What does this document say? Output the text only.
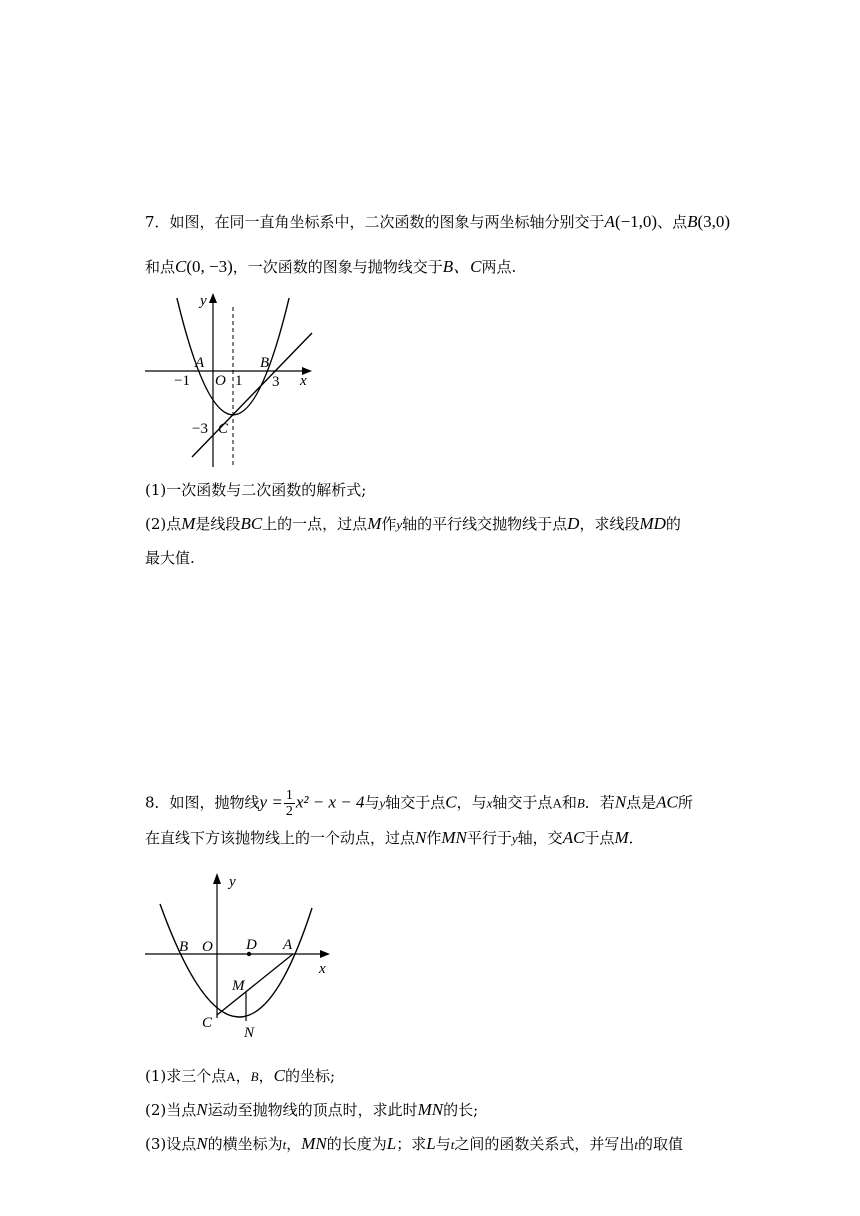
7．如图，在同一直角坐标系中，二次函数的图象与两坐标轴分别交于A(−1,0)、点B(3,0)
和点C(0, −3)，一次函数的图象与抛物线交于B、C两点.
y
x
A	B
C
O
−1	1 3
−3
(1)一次函数与二次函数的解析式;
(2)点M是线段BC上的一点，过点M作y轴的平行线交抛物线于点D，求线段MD的
最大值.
8．如图，抛物线$y = \frac{1}{2} x^2 - x - 4$与y轴交于点C，与x轴交于点A和B．若N点是AC所
在直线下方该抛物线上的一个动点，过点N作MN平行于y轴，交AC于点M．
y
x
B O D A
M
C
N
(1)求三个点A，B，C的坐标;
(2)当点N运动至抛物线的顶点时，求此时MN的长;
(3)设点N的横坐标为t，MN的长度为L；求L与t之间的函数关系式，并写出t的取值
